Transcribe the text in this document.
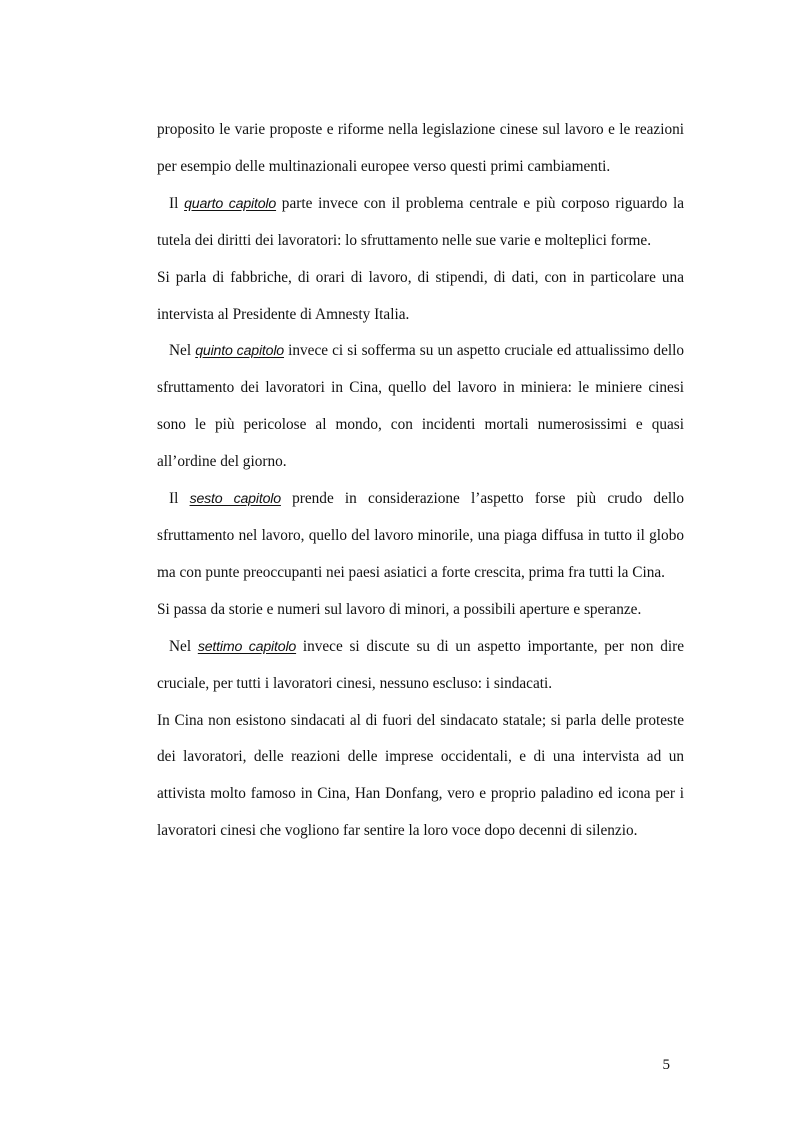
proposito le varie proposte e riforme nella legislazione cinese sul lavoro e le reazioni per esempio delle multinazionali europee verso questi primi cambiamenti.

Il quarto capitolo parte invece con il problema centrale e più corposo riguardo la tutela dei diritti dei lavoratori: lo sfruttamento nelle sue varie e molteplici forme.

Si parla di fabbriche, di orari di lavoro, di stipendi, di dati, con in particolare una intervista al Presidente di Amnesty Italia.

Nel quinto capitolo invece ci si sofferma su un aspetto cruciale ed attualissimo dello sfruttamento dei lavoratori in Cina, quello del lavoro in miniera: le miniere cinesi sono le più pericolose al mondo, con incidenti mortali numerosissimi e quasi all’ordine del giorno.

Il sesto capitolo prende in considerazione l’aspetto forse più crudo dello sfruttamento nel lavoro, quello del lavoro minorile, una piaga diffusa in tutto il globo ma con punte preoccupanti nei paesi asiatici a forte crescita, prima fra tutti la Cina.

Si passa da storie e numeri sul lavoro di minori, a possibili aperture e speranze.

Nel settimo capitolo invece si discute su di un aspetto importante, per non dire cruciale, per tutti i lavoratori cinesi, nessuno escluso: i sindacati.

In Cina non esistono sindacati al di fuori del sindacato statale; si parla delle proteste dei lavoratori, delle reazioni delle imprese occidentali, e di una intervista ad un attivista molto famoso in Cina, Han Donfang, vero e proprio paladino ed icona per i lavoratori cinesi che vogliono far sentire la loro voce dopo decenni di silenzio.

5
